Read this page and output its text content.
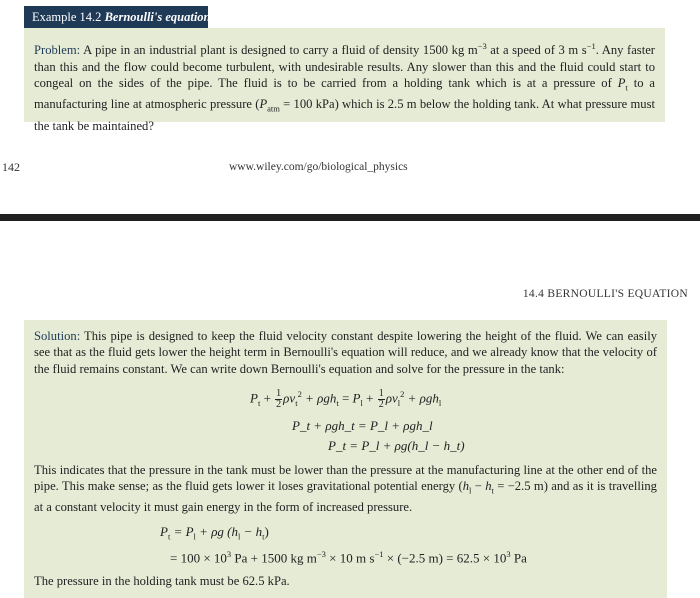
Example 14.2 Bernoulli's equation
Problem: A pipe in an industrial plant is designed to carry a fluid of density 1500 kg $m^{-3}$ at a speed of 3 m $s^{-1}$. Any faster than this and the flow could become turbulent, with undesirable results. Any slower than this and the fluid could start to congeal on the sides of the pipe. The fluid is to be carried from a holding tank which is at a pressure of $P_t$ to a manufacturing line at atmospheric pressure ($P_{atm} = 100$ kPa) which is 2.5 m below the holding tank. At what pressure must the tank be maintained?
142	www.wiley.com/go/biological_physics
14.4 BERNOULLI'S EQUATION

Solution: This pipe is designed to keep the fluid velocity constant despite lowering the height of the fluid. We can easily see that as the fluid gets lower the height term in Bernoulli's equation will reduce, and we already know that the velocity of the fluid remains constant. We can write down Bernoulli's equation and solve for the pressure in the tank:

$P_t + \frac{1}{2} \rho v_t^2 + \rho gh_t = P_l + \frac{1}{2} \rho v_l^2 + \rho gh_l$
P_t + ρgh_t = P_l + ρgh_l
P_t = P_l + ρg(h_l − h_t)

This indicates that the pressure in the tank must be lower than the pressure at the manufacturing line at the other end of the pipe. This make sense; as the fluid gets lower it loses gravitational potential energy ($h_l - h_t = -2.5$ m) and as it is travelling at a constant velocity it must gain energy in the form of increased pressure.

$P_t = P_l + \rho g$ $(h_l - h_t)$
= $100 \times 10^3$ Pa + 1500 kg $m^{-3} \times 10$ m $s^{-1} \times (-2.5$ $m) = 62.5 \times 10^3$ Pa

The pressure in the holding tank must be 62.5 kPa.
